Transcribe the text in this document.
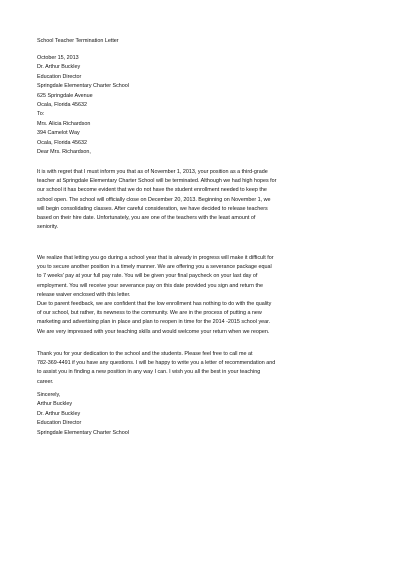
School Teacher Termination Letter
October 15, 2013
Dr. Arthur Buckley
Education Director
Springdale Elementary Charter School
625 Springdale Avenue
Ocala, Florida 45632
To:
Mrs. Alicia Richardson
394 Camelot Way
Ocala, Florida 45632
Dear Mrs. Richardson,
It is with regret that I must inform you that as of November 1, 2013, your position as a third-grade
teacher at Springdale Elementary Charter School will be terminated. Although we had high hopes for
our school it has become evident that we do not have the student enrollment needed to keep the
school open. The school will officially close on December 20, 2013. Beginning on November 1, we
will begin consolidating classes. After careful consideration, we have decided to release teachers
based on their hire date. Unfortunately, you are one of the teachers with the least amount of
seniority.
We realize that letting you go during a school year that is already in progress will make it difficult for
you to secure another position in a timely manner. We are offering you a severance package equal
to 7 weeks' pay at your full pay rate. You will be given your final paycheck on your last day of
employment. You will receive your severance pay on this date provided you sign and return the
release waiver enclosed with this letter.
Due to parent feedback, we are confident that the low enrollment has nothing to do with the quality
of our school, but rather, its newness to the community. We are in the process of putting a new
marketing and advertising plan in place and plan to reopen in time for the 2014 -2015 school year.
We are very impressed with your teaching skills and would welcome your return when we reopen.
Thank you for your dedication to the school and the students. Please feel free to call me at
782-369-4491 if you have any questions. I will be happy to write you a letter of recommendation and
to assist you in finding a new position in any way I can. I wish you all the best in your teaching
career.
Sincerely,
Arthur Buckley
Dr. Arthur Buckley
Education Director
Springdale Elementary Charter School
